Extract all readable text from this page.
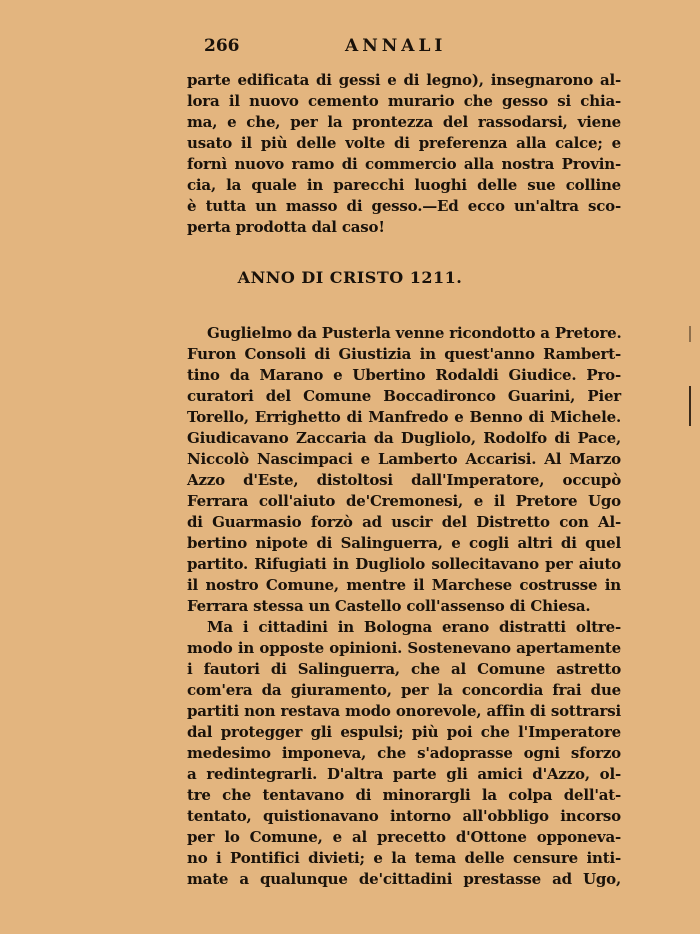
266	ANNALI
parte edificata di gessi e di legno), insegnarono al-
lora il nuovo cemento murario che gesso si chia-
ma, e che, per la prontezza del rassodarsi, viene
usato il più delle volte di preferenza alla calce; e
fornì nuovo ramo di commercio alla nostra Provin-
cia, la quale in parecchi luoghi delle sue colline
è tutta un masso di gesso.—Ed ecco un'altra sco-
perta prodotta dal caso!
ANNO DI CRISTO 1211.
Guglielmo da Pusterla venne ricondotto a Pretore.
Furon Consoli di Giustizia in quest'anno Rambert-
tino da Marano e Ubertino Rodaldi Giudice. Pro-
curatori del Comune Boccadironco Guarini, Pier
Torello, Errighetto di Manfredo e Benno di Michele.
Giudicavano Zaccaria da Dugliolo, Rodolfo di Pace,
Niccolò Nascimpaci e Lamberto Accarisi. Al Marzo
Azzo d'Este, distoltosi dall'Imperatore, occupò
Ferrara coll'aiuto de'Cremonesi, e il Pretore Ugo
di Guarmasio forzò ad uscir del Distretto con Al-
bertino nipote di Salinguerra, e cogli altri di quel
partito. Rifugiati in Dugliolo sollecitavano per aiuto
il nostro Comune, mentre il Marchese costrusse in
Ferrara stessa un Castello coll'assenso di Chiesa.
Ma i cittadini in Bologna erano distratti oltre-
modo in opposte opinioni. Sostenevano apertamente
i fautori di Salinguerra, che al Comune astretto
com'era da giuramento, per la concordia frai due
partiti non restava modo onorevole, affin di sottrarsi
dal protegger gli espulsi; più poi che l'Imperatore
medesimo imponeva, che s'adoprasse ogni sforzo
a redintegrarli. D'altra parte gli amici d'Azzo, ol-
tre che tentavano di minorargli la colpa dell'at-
tentato, quistionavano intorno all'obbligo incorso
per lo Comune, e al precetto d'Ottone opponeva-
no i Pontifici divieti; e la tema delle censure inti-
mate a qualunque de'cittadini prestasse ad Ugo,
